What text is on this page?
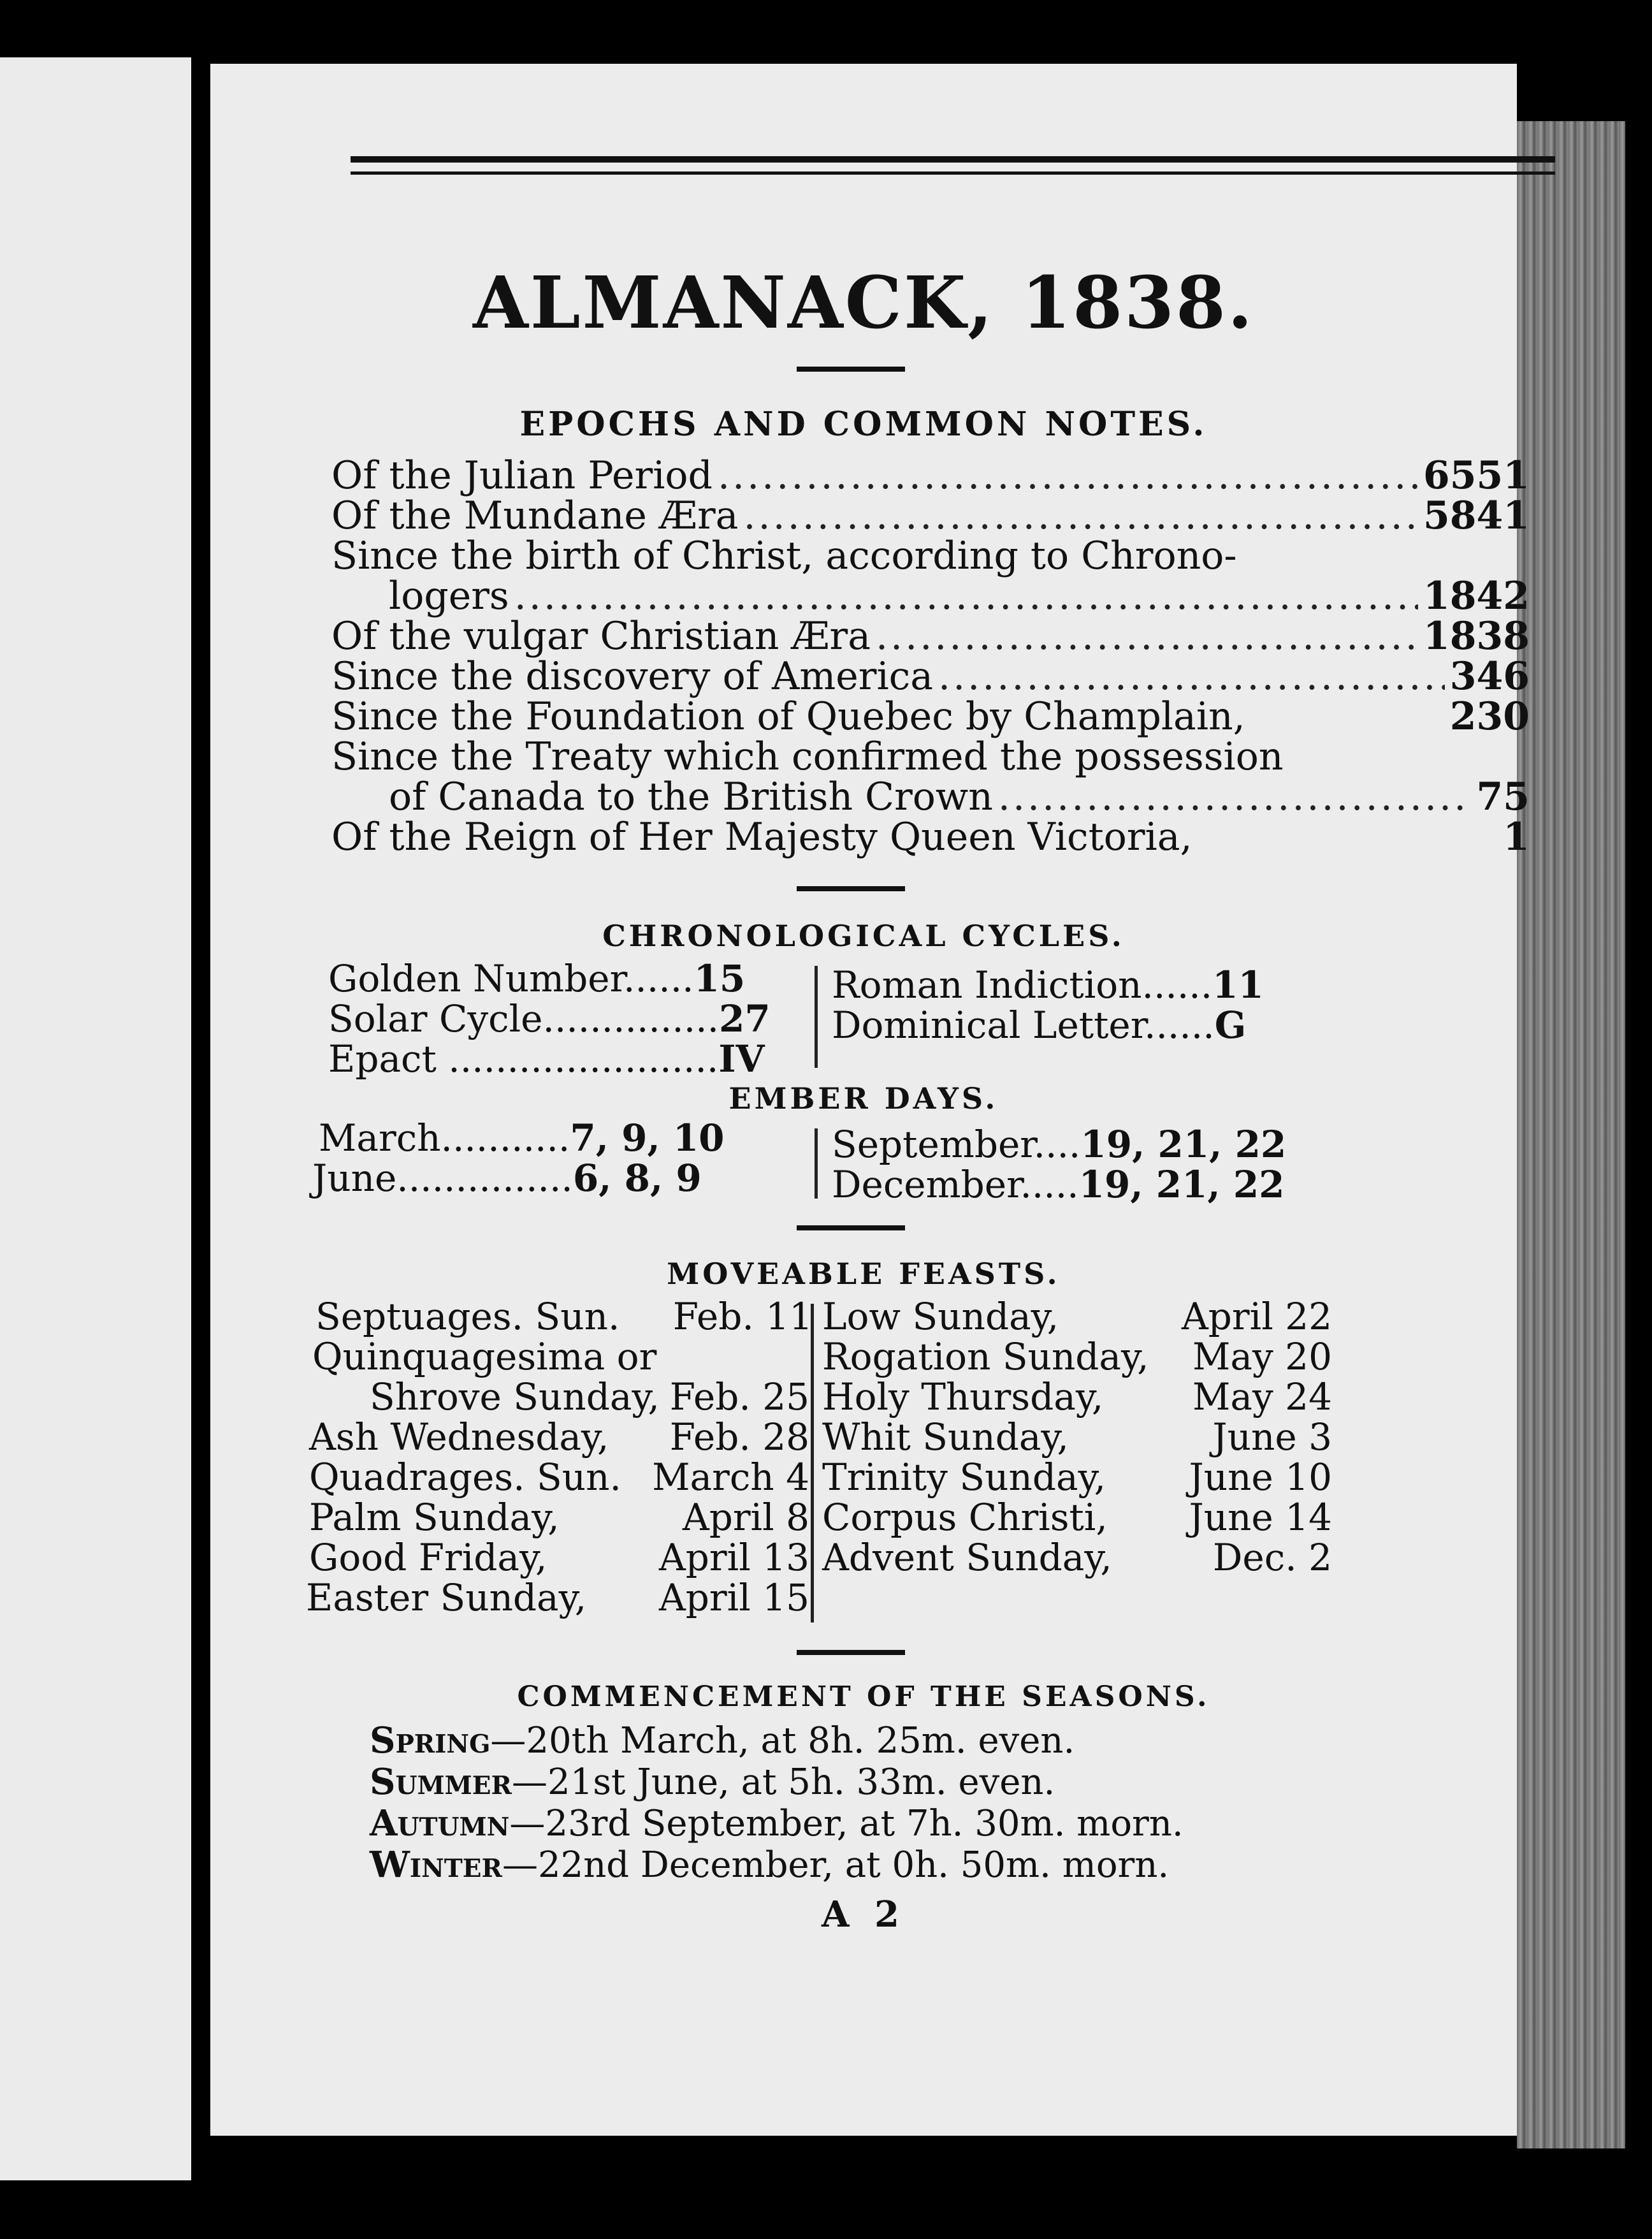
ALMANACK, 1838.
EPOCHS AND COMMON NOTES.
Of the Julian Period .....	6551
Of the Mundane Æra .....	5841
Since the birth of Christ, according to Chrono-
logers .....	1842
Of the vulgar Christian Æra .....	1838
Since the discovery of America .....	346
Since the Foundation of Quebec by Champlain,	230
Since the Treaty which confirmed the possession
of Canada to the British Crown .....	75
Of the Reign of Her Majesty Queen Victoria,	1
CHRONOLOGICAL CYCLES.
Golden Number......15
Solar Cycle...............27
Epact .......................IV
Roman Indiction......11
Dominical Letter......G
EMBER DAYS.
March...........7, 9, 10
June...............6, 8, 9
September....19, 21, 22
December.....19, 21, 22
MOVEABLE FEASTS.
Septuages. Sun. Feb. 11
Quinquagesima or
Shrove Sunday, Feb. 25
Ash Wednesday, Feb. 28
Quadrages. Sun. March 4
Palm Sunday,	April 8
Good Friday,	April 13
Easter Sunday, April 15
Low Sunday,	April 22
Rogation Sunday, May 20
Holy Thursday, May 24
Whit Sunday,	June 3
Trinity Sunday, June 10
Corpus Christi, June 14
Advent Sunday,	Dec. 2
COMMENCEMENT OF THE SEASONS.
Spring—20th March, at 8h. 25m. even.
Summer—21st June, at 5h. 33m. even.
Autumn—23rd September, at 7h. 30m. morn.
Winter—22nd December, at 0h. 50m. morn.
A 2
